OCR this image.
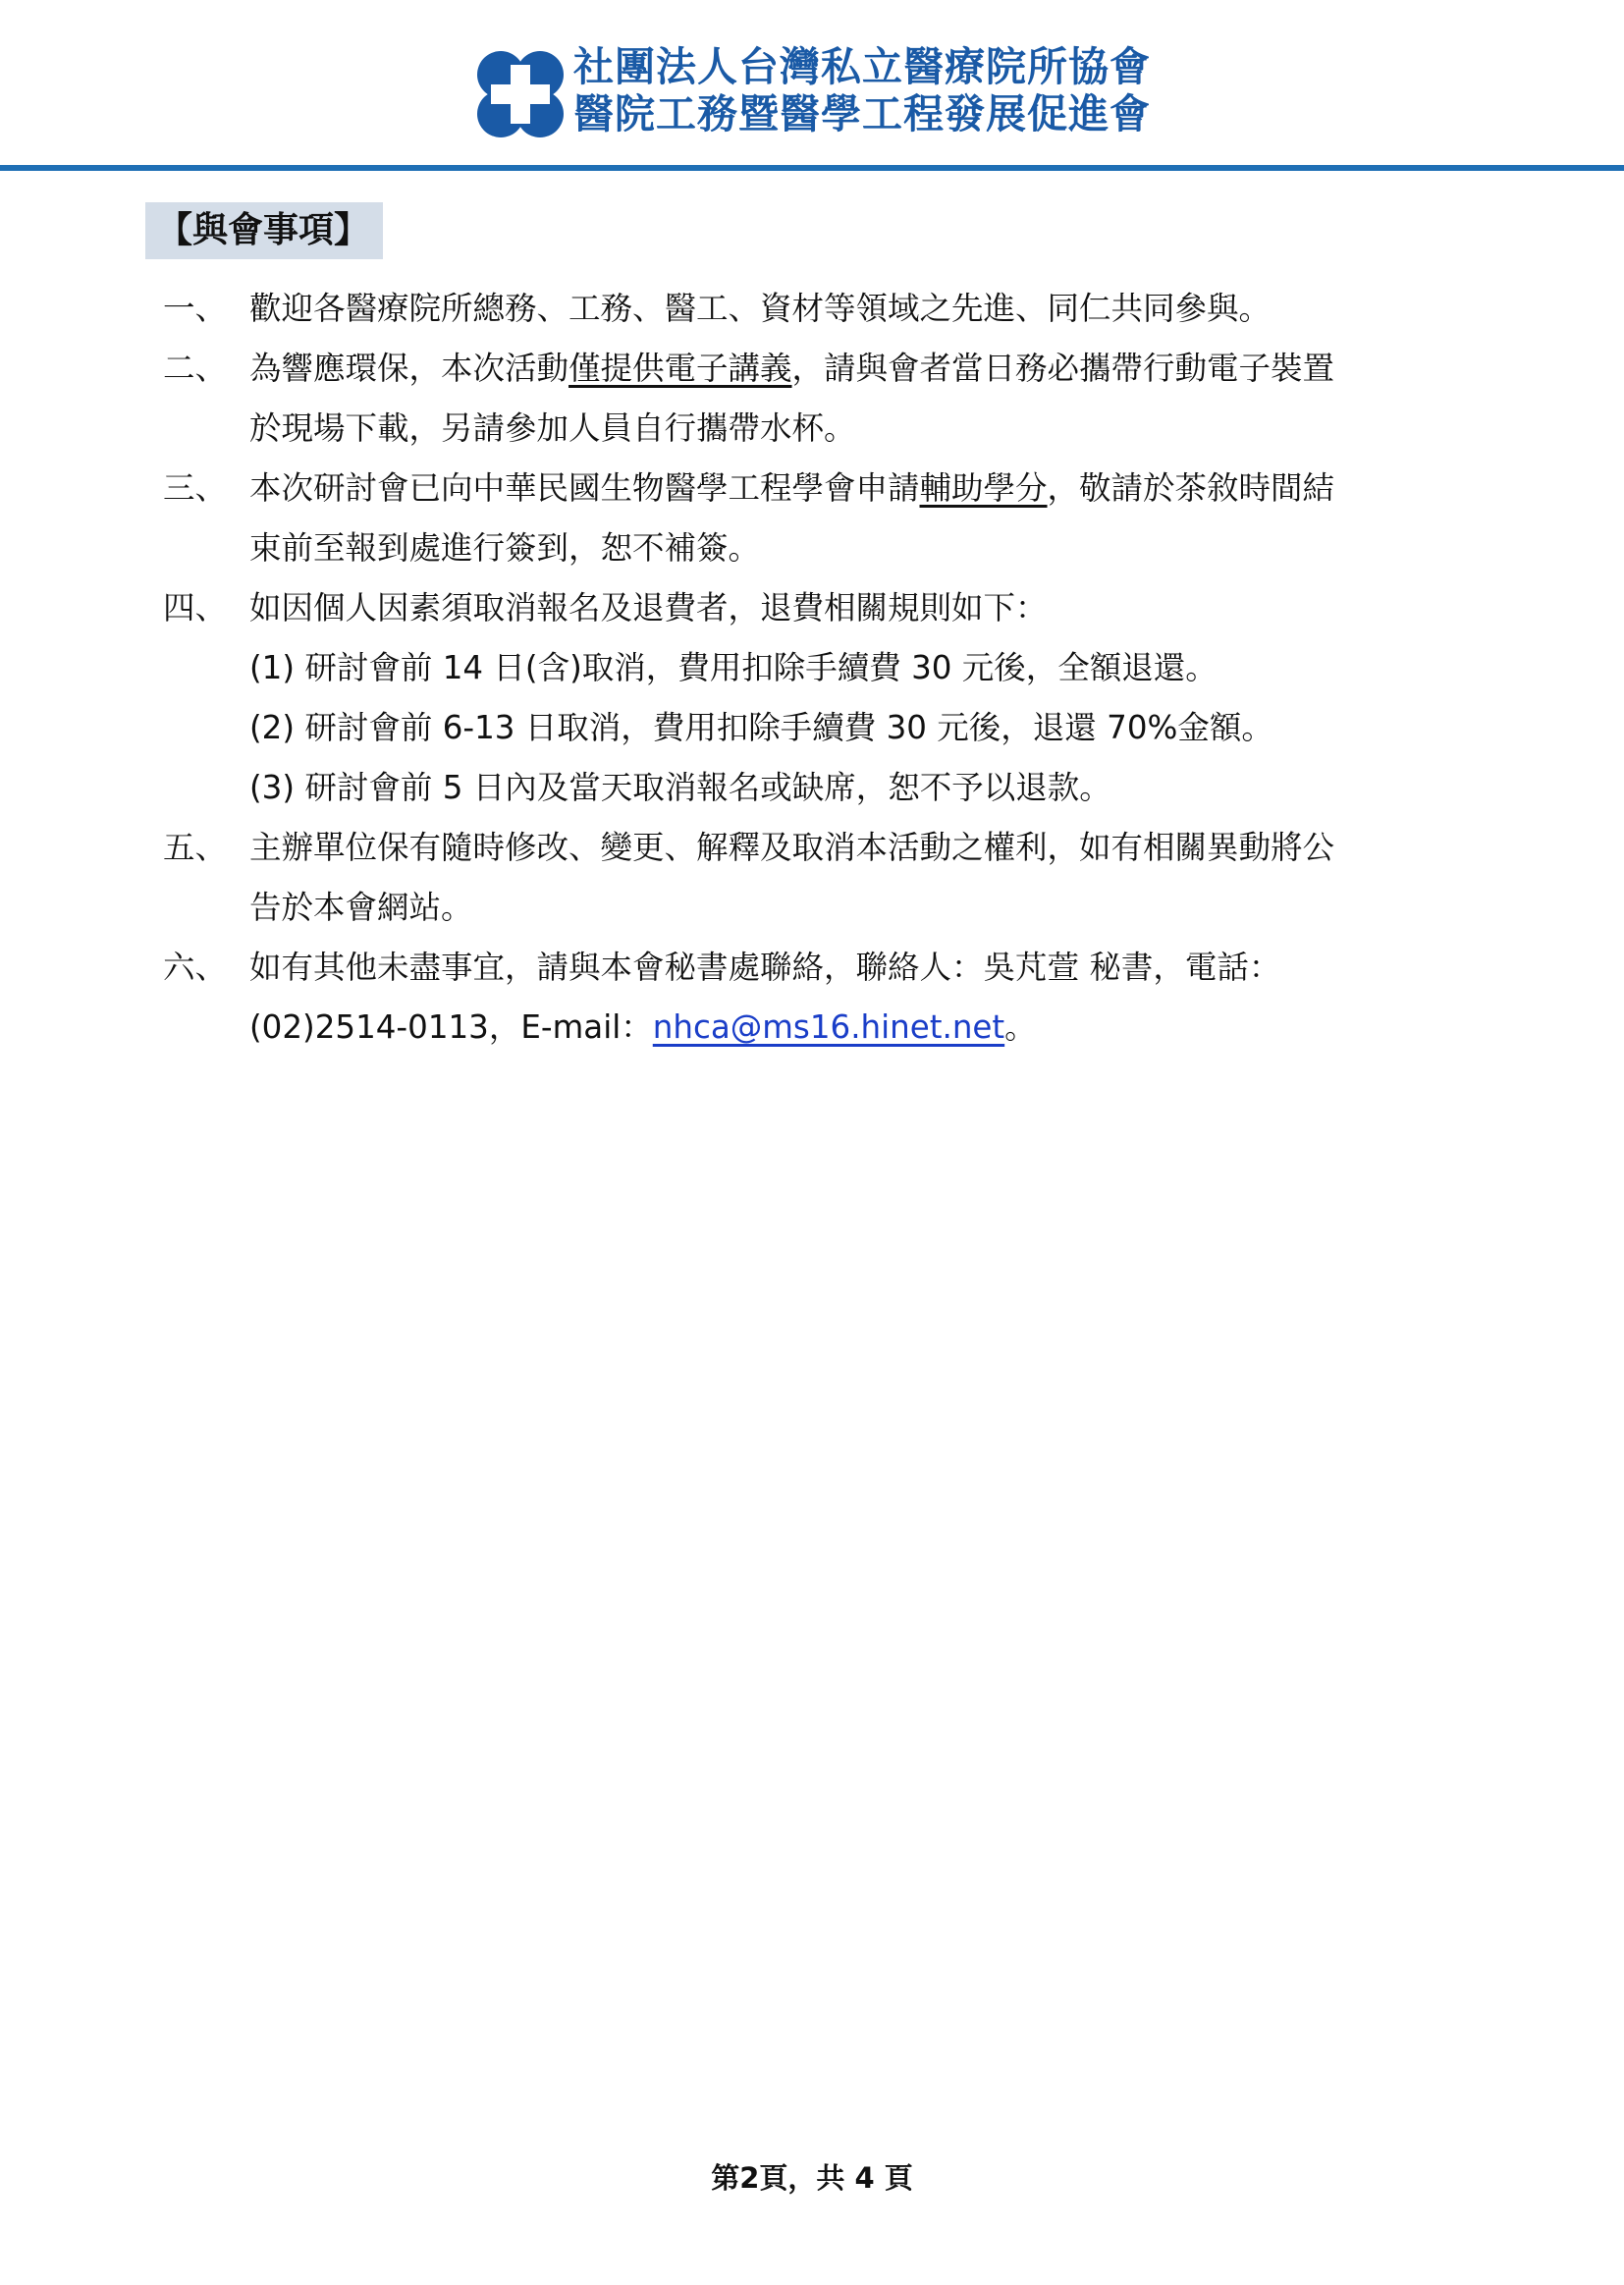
社團法人台灣私立醫療院所協會
醫院工務暨醫學工程發展促進會
【與會事項】
一、 歡迎各醫療院所總務、工務、醫工、資材等領域之先進、同仁共同參與。
二、 為響應環保，本次活動僅提供電子講義，請與會者當日務必攜帶行動電子裝置
於現場下載，另請參加人員自行攜帶水杯。
三、 本次研討會已向中華民國生物醫學工程學會申請輔助學分，敬請於茶敘時間結
束前至報到處進行簽到，恕不補簽。
四、 如因個人因素須取消報名及退費者，退費相關規則如下：
(1) 研討會前 14 日(含)取消，費用扣除手續費 30 元後，全額退還。
(2) 研討會前 6-13 日取消，費用扣除手續費 30 元後，退還 70%金額。
(3) 研討會前 5 日內及當天取消報名或缺席，恕不予以退款。
五、 主辦單位保有隨時修改、變更、解釋及取消本活動之權利，如有相關異動將公
告於本會網站。
六、 如有其他未盡事宜，請與本會秘書處聯絡，聯絡人：吳芃萱 秘書，電話：
(02)2514-0113，E-mail：nhca@ms16.hinet.net。
第2頁，共 4 頁
